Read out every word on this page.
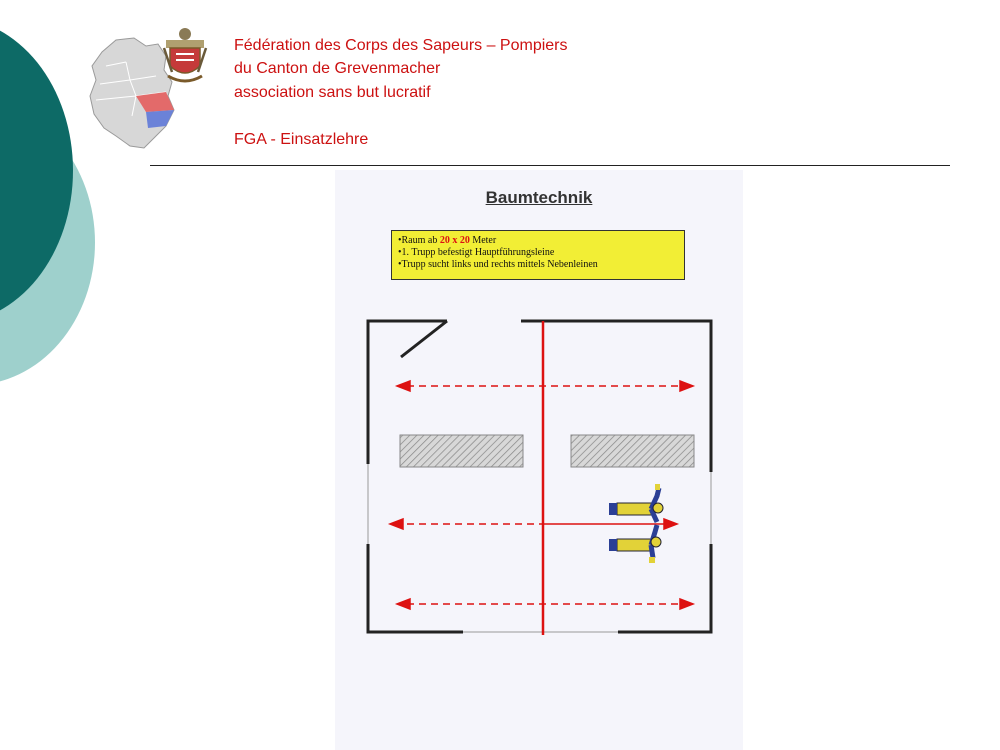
Fédération des Corps des Sapeurs – Pompiers
du Canton de Grevenmacher
association sans but lucratif
FGA - Einsatzlehre
Baumtechnik
•Raum ab 20 x 20 Meter
•1. Trupp befestigt Hauptführungsleine
•Trupp sucht links und rechts mittels Nebenleinen
